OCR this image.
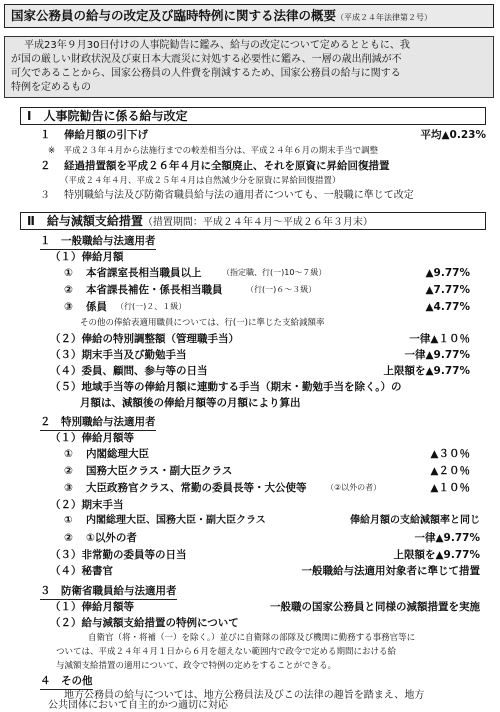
国家公務員の給与の改定及び臨時特例に関する法律の概要（平成２４年法律第２号）
平成23年９月30日付けの人事院勧告に鑑み、給与の改定について定めるとともに、我
が国の厳しい財政状況及び東日本大震災に対処する必要性に鑑み、一層の歳出削減が不
可欠であることから、国家公務員の人件費を削減するため、国家公務員の給与に関する
特例を定めるもの
Ⅰ　人事院勧告に係る給与改定
１ 俸給月額の引下げ	平均▲0.23%
※　平成２３年４月から法施行までの較差相当分は、平成２４年６月の期末手当で調整
２ 経過措置額を平成２６年４月に全額廃止、それを原資に昇給回復措置
（平成２４年４月、平成２５年４月は自然減少分を原資に昇給回復措置）
３ 特別職給与法及び防衛省職員給与法の適用者についても、一般職に準じて改定
Ⅱ　給与減額支給措置（措置期間：平成２４年４月～平成２６年３月末）
１　一般職給与法適用者
（１）俸給月額
① 本省課室長相当職員以上	（指定職、行(一)10～７級）	▲9.77%
② 本省課長補佐・係長相当職員	（行(一)６～３級）	▲7.77%
③ 係員 （行(一)２、１級）	▲4.77%
その他の俸給表適用職員については、行(一)に準じた支給減額率
（２）俸給の特別調整額（管理職手当）	一律▲１０％
（３）期末手当及び勤勉手当	一律▲9.77%
（４）委員、顧問、参与等の日当	上限額を▲9.77%
（５）地域手当等の俸給月額に連動する手当（期末・勤勉手当を除く。）の
月額は、減額後の俸給月額等の月額により算出
２　特別職給与法適用者
（１）俸給月額等
① 内閣総理大臣	▲３０％
② 国務大臣クラス・副大臣クラス	▲２０％
③ 大臣政務官クラス、常勤の委員長等・大公使等 （②以外の者）	▲１０％
（２）期末手当
① 内閣総理大臣、国務大臣・副大臣クラス	俸給月額の支給減額率と同じ
② ①以外の者	一律▲9.77%
（３）非常勤の委員等の日当	上限額を▲9.77%
（４）秘書官	一般職給与法適用対象者に準じて措置
３　防衛省職員給与法適用者
（１）俸給月額等	一般職の国家公務員と同様の減額措置を実施
（２）給与減額支給措置の特例について
自衛官（将・将補（一）を除く。）並びに自衛隊の部隊及び機関に勤務する事務官等に
ついては、平成２４年４月１日から６月を超えない範囲内で政令で定める期間における給
与減額支給措置の適用について、政令で特例の定めをすることができる。
４　その他
地方公務員の給与については、地方公務員法及びこの法律の趣旨を踏まえ、地方
公共団体において自主的かつ適切に対応
